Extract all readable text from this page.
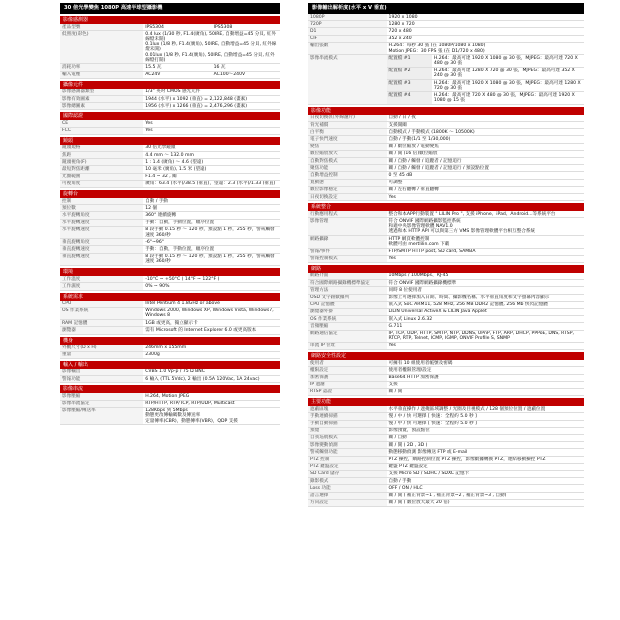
30 倍光學變焦 1080P 高速半球型攝影機
影像感測器
產品型號	IPS5304	IPS5308
低照度(彩色)	0.4 lux (1/30 秒, F1.4(廣角), 50IRE, 自動增益=45 分貝, 紅外線燈未開)
0.1lux (1/8 秒, F1.4(廣角), 50IRE, 自動增益=45 分貝, 紅外線燈未開)
0.01lux (1/8 秒, F1.4(廣角), 50IRE, 自動增益=45 分貝, 紅外線燈打開)	
消耗功率	15.5 瓦	16 瓦
輸入電壓	AC24V	AC100～240V
攝像元件
影像感測器類型	1/3" 英吋 CMOS 感光元件
影像有效圖素	1944 (水平) x 1092 (垂直) = 2,122,848 (畫素)
影像總圖素	1956 (水平) x 1266 (垂直) = 2,476,296 (畫素)
國際認證
CE	Yes
FCC	Yes
鏡頭
鏡頭規格	30 倍光學鏡頭
焦距	4.4 mm ～ 132.0 mm
鏡頭視角(F)	1 : 1.4 (廣角) ～ 4.6 (望遠)
最短對焦距離	10 毫米 (廣角), 1.5 米 (望遠)
光圈範圍	F1.4 ~ 32 , 關
可視角度	廣角：63.4 (水平)/38.5 (垂直)，望遠：2.3 (水平)/1.33 (垂直)
旋轉台
控制	自動 / 手動
預位數	12 個
水平旋轉角度	360° 連續旋轉
水平旋轉速度	手動：自動，手動位置，順序位置
水平旋轉速度	8 段手動 0.15 秒 ～ 120 秒，預設點 1 秒，255 秒，警戒觸發速度 360/秒
垂直旋轉角度	-6°~96°
垂直旋轉速度	手動：自動，手動位置，順序位置
垂直旋轉速度	8 段手動 0.15 秒 ～ 120 秒，預設點 1 秒，255 秒，警戒觸發速度 360/秒
環境
工作溫度	-10°C ~ +50°C ( 14°F ~ 122°F )
工作濕度	0% ~ 90%
系統需求
CPU	Intel Pentium 4 1.8GHz or above
OS 作業系統	Windows 2000, Windows XP, Windows Vista, Windows7, Windows 8
RAM 記憶體	1GB 或更高，獨立顯示卡
瀏覽器	需有 Microsoft 的 Internet Explorer 6.0 或更高版本
機身
外觀尺寸(D x H)	246mm x 155mm
重量	2300g
輸入 / 輸出
影像輸出	CVBS 1.0 Vp-p / 75 Ω BNC
警報功能	6 輸入 (TTL 5Vdc), 2 輸出 (0.5A 120Vac, 1A 24vac)
影像串流
影像壓縮	H.264, Motion JPEG
影像串流協定	RTP/HTTP, RTP/TCP, RTP/UDP, Multicast
影像壓縮/傳送率	128Kbps 到 5Mbps
動態更改傳輸碼數及傳送率
定量傳率(CBR)，動態傳率(VBR)，QDP 支援
影像輸出解析度(水平 x V 垂直)
1080P	1920 x 1080
720P	1280 x 720
D1	720 x 480
CIF	352 x 240
輸出張數	H.264：每秒 30 張 (在 1080P/1080 x 1080)
Motion JPEG：30 FPS 張 (在 D1/720 x 480)
影像串流模式	配置檔 #1	H.264：最高可達 1920 X 1080 @ 30 張，MJPEG：最高可達 720 X 480 @ 30 張
	配置檔 #2	H.264：最高可達 1280 X 720 @ 30 張，MJPEG：最高可達 352 X 240 @ 30 張
	配置檔 #3	H.264：最高可達 1920 X 1080 @ 30 張，MJPEG：最高可達 1280 X 720 @ 30 張
	配置檔 #4	H.264：最高可達 720 X 480 @ 30 張，MJPEG：最高可達 1920 X 1080 @ 15 張
影像功能
日夜切換(紅外線濾片)	自動 / 日 / 夜
背光補償	支援開關
白平衡	自動模式 / 手動模式 (1800K ～ 10500K)
電子快門速度	自動 / 手動(1/1 至 1/30,000)
變焦	關 / 數位縮放 / 電動變焦
數位縮放放大	關 / 開 (16 倍)數位縮放
自動對焦模式	關 / 自動 / 觸發 / 追蹤者 / 記憶追行
聚焦功能	關 / 自動 / 觸發 / 追蹤者 / 記憶追行 / 預設點位置
自動增益控制	0 至 45 dB
寬動態	可調整
數位影像穩定	關 / 左右翻轉 / 垂直翻轉
日夜切換設定	Yes
系統整合
行動應用程式	整合和本APP行動裝置 " LILIN Pro ", 支援 iPhone、iPad、Android...等系統平台
影像管理	符合 ONVIF 國際網路攝影監控系統
和適中央影像管理軟體 NAV1.0
透過和本 HTTP API 可以與第三方 VMS 影像管理軟體平台相互整合系統
網路攝錄	HTTP 網頁軟體控制
軟體可由 mertlilin.com 下載
警報/事件	FTP/SMTP HTTP post, SD card, SAMBA
警報控制模式	Yes
網路
網路介面	10Mbps / 100Mbps、RJ-45
符合國際網路攝錄機標準協定	符合 ONVIF 國際網路攝錄機標準
管理方法	同時 8 位使用者
OSD 文字跟數據列	影像上可選擇加入日期、時間、攝影機名稱、水平垂直角度和文字螢幕內容顯示
CPU 記憶體	嵌入式 SoC ARM11, 528 MHz, 256 MB DDR2 記憶體, 256 Mb 快閃記憶體
瀏覽器外掛	LILIN Universal ActiveX & LILIN Java Applet
OS 作業系統	嵌入式 Linux 2.6.32
音頻壓縮	G.711
網路通信協定	IP, TCP, UDP, HTTP, SMTP, NTP, DDNS, UPnP, FTP, ARP, DHCP, PPPoE, DNS, RTSP, RTCP, RTP, Telnet, ICMP, IGMP, ONVIF Profile S, SNMP
串流 IP 位址	Yes
網路安全性設定
使用者	可擁有 10 組使用者帳號及密碼
權限設定	使用者權限管理/設定
加密保護	Base64 HTTP 加密保護
IP 過濾	支援
RTSP 認證	關 / 開
主要功能
遮蔽區塊	水平垂直操作 / 遮掩區域調整 / 光圈及目視模式 / 128 個預位位置 / 遮蔽位置
手動連續掃描	慢 / 中 / 快 可選擇 [ 快速：全程約 5.0 秒 ]
手動自動掃描	慢 / 中 / 快 可選擇 [ 快速：全程約 5.0 秒 ]
預覽	影像預覽，預設點位
自我巡航模式	關 / 自動
影像變動偵測	關 / 開 ( 2D , 3D )
警戒觸發功能	動態移動偵測 影像傳送 FTP 或 E-mail
PTZ 控制	PTZ 操控，網路控制位置 PTZ 操控，影像數據轉換 PTZ，連結移動操控 PTZ
PTZ 鍵盤設定	鍵盤 PTZ 鍵盤設定
SD Card 儲存	支援 Micro SD / SDHC / SDXC 記憶卡
錄影模式	自動 / 手動
Loss 功能	OFF / ON / HLC
語言選擇	關 / 開 ( 補正背景~1 , 補正背景~2 , 補正背景~3 , 自動)
方向設定	關 / 開 ( 數位放大最大 20 倍)
